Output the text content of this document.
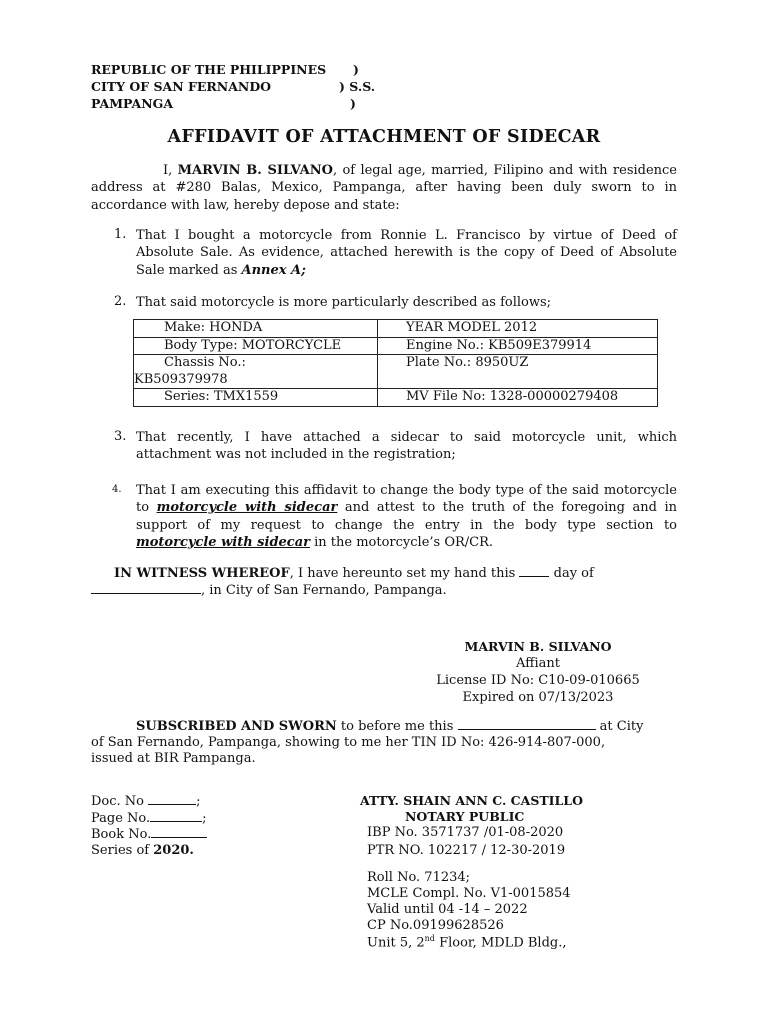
REPUBLIC OF THE PHILIPPINES )
CITY OF SAN FERNANDO	) S.S.
PAMPANGA	)
AFFIDAVIT OF ATTACHMENT OF SIDECAR
I, MARVIN B. SILVANO, of legal age, married, Filipino and with residence address at #280 Balas, Mexico, Pampanga, after having been duly sworn to in accordance with law, hereby depose and state:
1. That I bought a motorcycle from Ronnie L. Francisco by virtue of Deed of Absolute Sale. As evidence, attached herewith is the copy of Deed of Absolute Sale marked as Annex A;
2. That said motorcycle is more particularly described as follows;
Make: HONDA	YEAR MODEL 2012
Body Type: MOTORCYCLE	Engine No.: KB509E379914

Chassis No.:
KB509379978	Plate No.: 8950UZ
Series: TMX1559	MV File No: 1328-00000279408
3. That recently, I have attached a sidecar to said motorcycle unit, which attachment was not included in the registration;
4. That I am executing this affidavit to change the body type of the said motorcycle to motorcycle with sidecar and attest to the truth of the foregoing and in support of my request to change the entry in the body type section to motorcycle with sidecar in the motorcycle’s OR/CR.
IN WITNESS WHEREOF, I have hereunto set my hand this  day of
, in City of San Fernando, Pampanga.
MARVIN B. SILVANO
Affiant
License ID No: C10-09-010665
Expired on 07/13/2023
SUBSCRIBED AND SWORN to before me this	at City
of San Fernando, Pampanga, showing to me her TIN ID No: 426-914-807-000,
issued at BIR Pampanga.
Doc. No	;
Page No.	;
Book No.
Series of 2020.
ATTY. SHAIN ANN C. CASTILLO
NOTARY PUBLIC
IBP No. 3571737 /01-08-2020
PTR NO. 102217 / 12-30-2019
Roll No. 71234;
MCLE Compl. No. V1-0015854
Valid until 04 -14 – 2022
CP No.09199628526
Unit 5, 2nd Floor, MDLD Bldg.,
